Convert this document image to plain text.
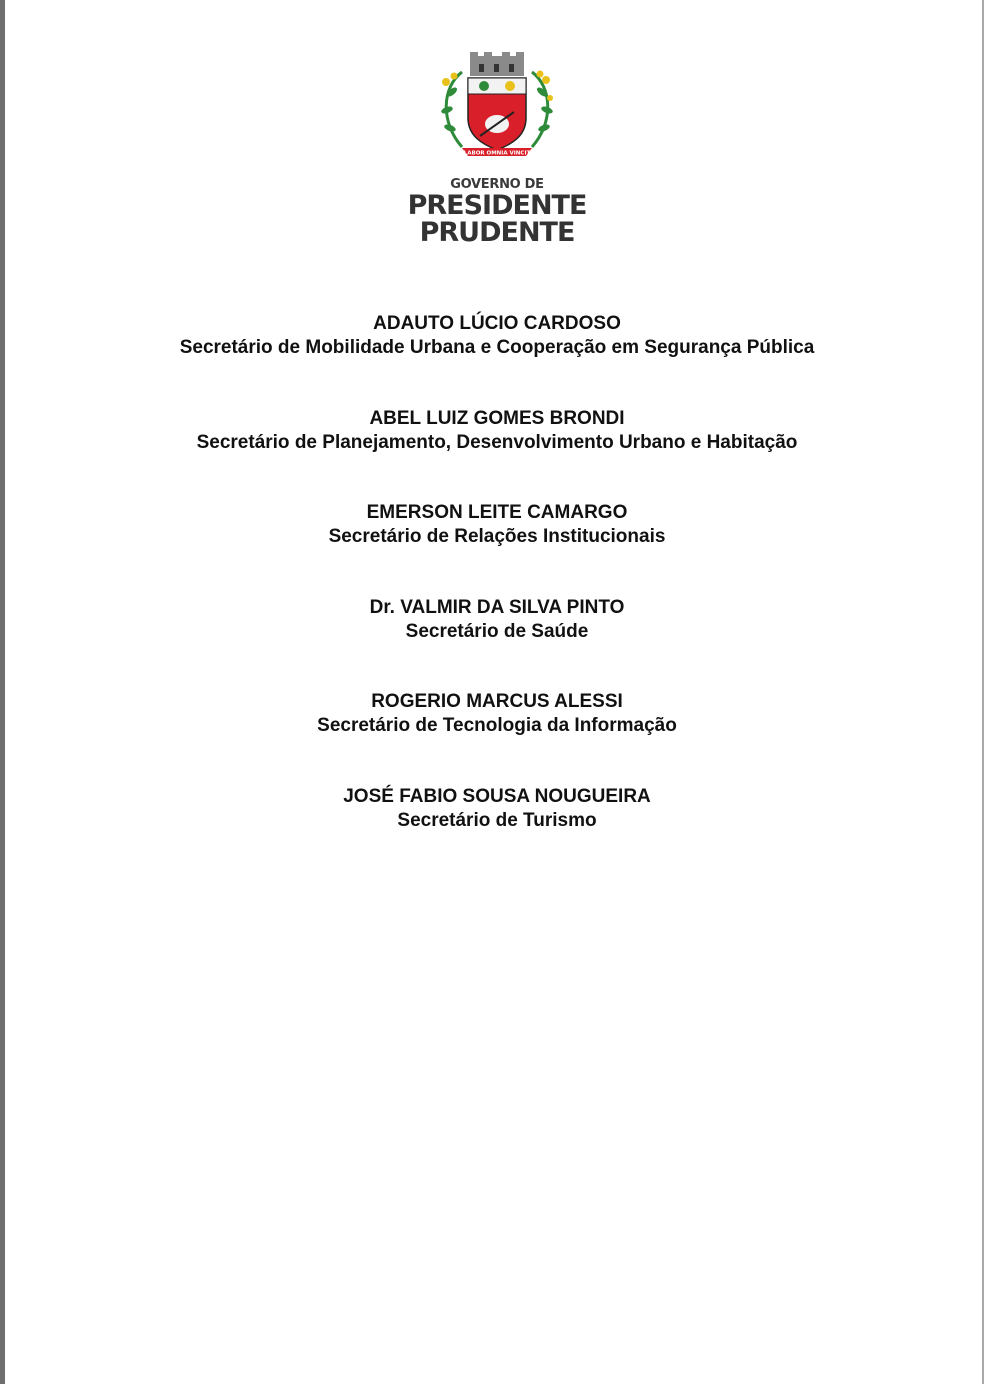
LABOR OMNIA VINCIT
GOVERNO DE
PRESIDENTE
PRUDENTE
ADAUTO LÚCIO CARDOSO
Secretário de Mobilidade Urbana e Cooperação em Segurança Pública
ABEL LUIZ GOMES BRONDI
Secretário de Planejamento, Desenvolvimento Urbano e Habitação
EMERSON LEITE CAMARGO
Secretário de Relações Institucionais
Dr. VALMIR DA SILVA PINTO
Secretário de Saúde
ROGERIO MARCUS ALESSI
Secretário de Tecnologia da Informação
JOSÉ FABIO SOUSA NOUGUEIRA
Secretário de Turismo
